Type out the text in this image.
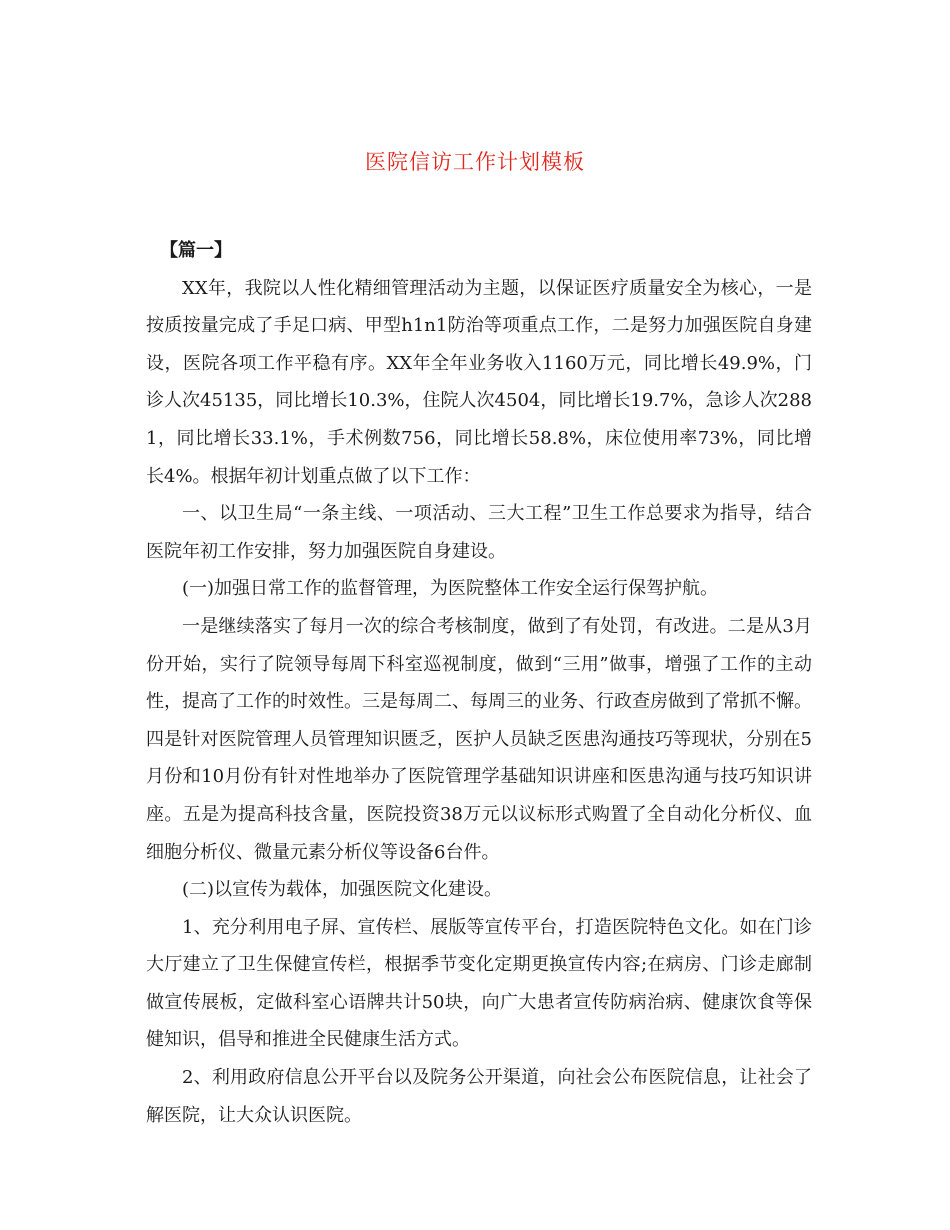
医院信访工作计划模板

【篇一】

XX年，我院以人性化精细管理活动为主题，以保证医疗质量安全为核心，一是按质按量完成了手足口病、甲型h1n1防治等项重点工作，二是努力加强医院自身建设，医院各项工作平稳有序。XX年全年业务收入1160万元，同比增长49.9%，门诊人次45135，同比增长10.3%，住院人次4504，同比增长19.7%，急诊人次2881，同比增长33.1%，手术例数756，同比增长58.8%，床位使用率73%，同比增长4%。根据年初计划重点做了以下工作：

一、以卫生局“一条主线、一项活动、三大工程”卫生工作总要求为指导，结合医院年初工作安排，努力加强医院自身建设。

(一)加强日常工作的监督管理，为医院整体工作安全运行保驾护航。

一是继续落实了每月一次的综合考核制度，做到了有处罚，有改进。二是从3月份开始，实行了院领导每周下科室巡视制度，做到“三用”做事，增强了工作的主动性，提高了工作的时效性。三是每周二、每周三的业务、行政查房做到了常抓不懈。四是针对医院管理人员管理知识匮乏，医护人员缺乏医患沟通技巧等现状，分别在5月份和10月份有针对性地举办了医院管理学基础知识讲座和医患沟通与技巧知识讲座。五是为提高科技含量，医院投资38万元以议标形式购置了全自动化分析仪、血细胞分析仪、微量元素分析仪等设备6台件。

(二)以宣传为载体，加强医院文化建设。

1、充分利用电子屏、宣传栏、展版等宣传平台，打造医院特色文化。如在门诊大厅建立了卫生保健宣传栏，根据季节变化定期更换宣传内容;在病房、门诊走廊制做宣传展板，定做科室心语牌共计50块，向广大患者宣传防病治病、健康饮食等保健知识，倡导和推进全民健康生活方式。

2、利用政府信息公开平台以及院务公开渠道，向社会公布医院信息，让社会了解医院，让大众认识医院。
